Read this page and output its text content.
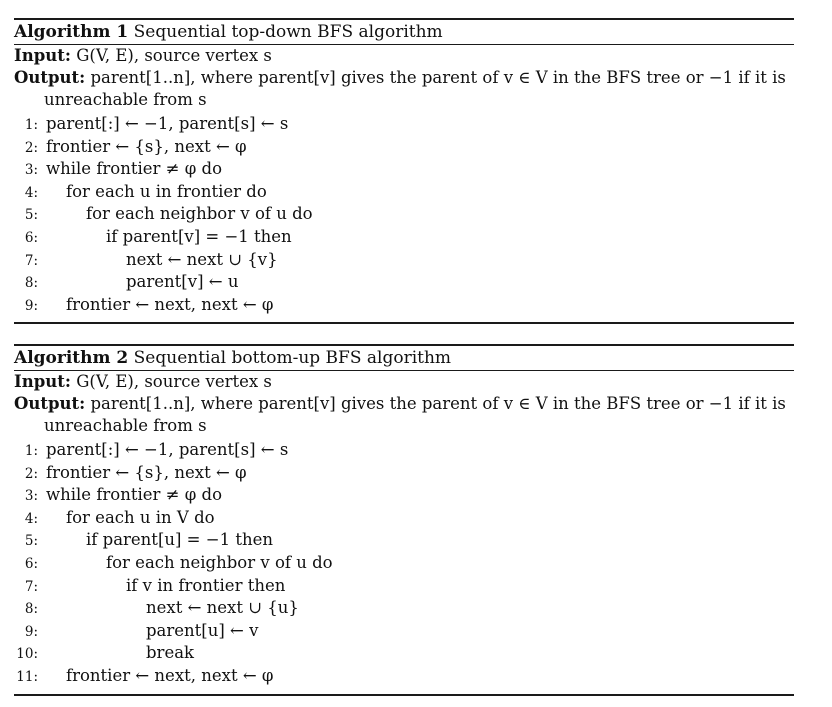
Algorithm 1 Sequential top-down BFS algorithm
Input: G(V, E), source vertex s
Output: parent[1..n], where parent[v] gives the parent of v ∈ V in the BFS tree or −1 if it is
unreachable from s
1: parent[:] ← −1, parent[s] ← s
2: frontier ← {s}, next ← φ
3: while frontier ≠ φ do
4:	for each u in frontier do
5:	for each neighbor v of u do
6:	if parent[v] = −1 then
7:	next ← next ∪ {v}
8:	parent[v] ← u
9:	frontier ← next, next ← φ
Algorithm 2 Sequential bottom-up BFS algorithm
Input: G(V, E), source vertex s
Output: parent[1..n], where parent[v] gives the parent of v ∈ V in the BFS tree or −1 if it is
unreachable from s
1: parent[:] ← −1, parent[s] ← s
2: frontier ← {s}, next ← φ
3: while frontier ≠ φ do
4:	for each u in V do
5:	if parent[u] = −1 then
6:	for each neighbor v of u do
7:	if v in frontier then
8:	next ← next ∪ {u}
9:	parent[u] ← v
10:	break
11:	frontier ← next, next ← φ
